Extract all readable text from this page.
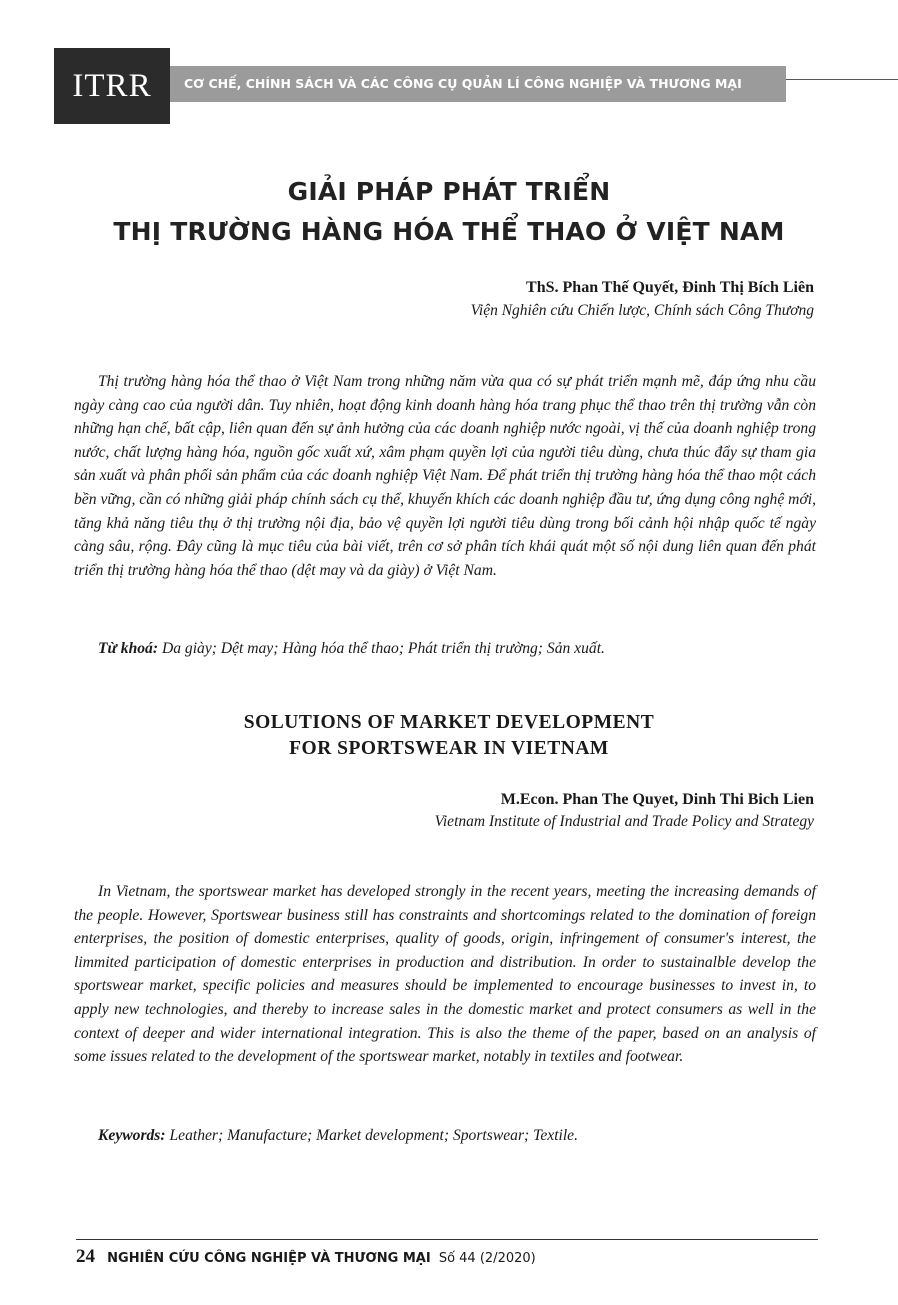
ITRR	CƠ CHẾ, CHÍNH SÁCH VÀ CÁC CÔNG CỤ QUẢN LÍ CÔNG NGHIỆP VÀ THƯƠNG MẠI
GIẢI PHÁP PHÁT TRIỂN
THỊ TRƯỜNG HÀNG HÓA THỂ THAO Ở VIỆT NAM
ThS. Phan Thế Quyết, Đinh Thị Bích Liên
Viện Nghiên cứu Chiến lược, Chính sách Công Thương

Thị trường hàng hóa thể thao ở Việt Nam trong những năm vừa qua có sự phát triển mạnh mẽ, đáp ứng nhu cầu ngày càng cao của người dân. Tuy nhiên, hoạt động kinh doanh hàng hóa trang phục thể thao trên thị trường vẫn còn những hạn chế, bất cập, liên quan đến sự ảnh hưởng của các doanh nghiệp nước ngoài, vị thế của doanh nghiệp trong nước, chất lượng hàng hóa, nguồn gốc xuất xứ, xâm phạm quyền lợi của người tiêu dùng, chưa thúc đẩy sự tham gia sản xuất và phân phối sản phẩm của các doanh nghiệp Việt Nam. Để phát triển thị trường hàng hóa thể thao một cách bền vững, cần có những giải pháp chính sách cụ thể, khuyến khích các doanh nghiệp đầu tư, ứng dụng công nghệ mới, tăng khả năng tiêu thụ ở thị trường nội địa, bảo vệ quyền lợi người tiêu dùng trong bối cảnh hội nhập quốc tế ngày càng sâu, rộng. Đây cũng là mục tiêu của bài viết, trên cơ sở phân tích khái quát một số nội dung liên quan đến phát triển thị trường hàng hóa thể thao (dệt may và da giày) ở Việt Nam.

Từ khoá: Da giày; Dệt may; Hàng hóa thể thao; Phát triển thị trường; Sản xuất.

SOLUTIONS OF MARKET DEVELOPMENT
FOR SPORTSWEAR IN VIETNAM
M.Econ. Phan The Quyet, Dinh Thi Bich Lien
Vietnam Institute of Industrial and Trade Policy and Strategy

In Vietnam, the sportswear market has developed strongly in the recent years, meeting the increasing demands of the people. However, Sportswear business still has constraints and shortcomings related to the domination of foreign enterprises, the position of domestic enterprises, quality of goods, origin, infringement of consumer's interest, the limmited participation of domestic enterprises in production and distribution. In order to sustainalble develop the sportswear market, specific policies and measures should be implemented to encourage businesses to invest in, to apply new technologies, and thereby to increase sales in the domestic market and protect consumers as well in the context of deeper and wider international integration. This is also the theme of the paper, based on an analysis of some issues related to the development of the sportswear market, notably in textiles and footwear.

Keywords: Leather; Manufacture; Market development; Sportswear; Textile.

24 NGHIÊN CỨU CÔNG NGHIỆP VÀ THƯƠNG MẠI Số 44 (2/2020)
